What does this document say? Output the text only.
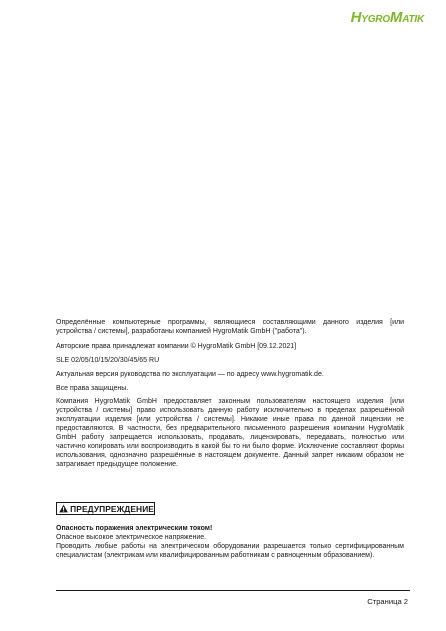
HYGROMATIK

Определённые компьютерные программы, являющиеся составляющими данного изделия [или устройства / системы], разработаны компанией HygroMatik GmbH ("работа").

Авторские права принадлежат компании © HygroMatik GmbH [09.12.2021]

SLE 02/05/10/15/20/30/45/65 RU

Актуальная версия руководства по эксплуатации — по адресу www.hygromatik.de.

Все права защищены.

Компания HygroMatik GmbH предоставляет законным пользователям настоящего изделия [или устройства / системы] право использовать данную работу исключительно в пределах разрешённой эксплуатации изделия [или устройства / системы]. Никакие иные права по данной лицензии не предоставляются. В частности, без предварительного письменного разрешения компании HygroMatik GmbH работу запрещается использовать, продавать, лицензировать, передавать, полностью или частично копировать или воспроизводить в какой бы то ни было форме. Исключение составляют формы использования, однозначно разрешённые в настоящем документе. Данный запрет никаким образом не затрагивает предыдущее положение.

ПРЕДУПРЕЖДЕНИЕ
Опасность поражения электрическим током!
Опасное высокое электрическое напряжение.
Проводить любые работы на электрическом оборудовании разрешается только сертифицированным специалистам (электрикам или квалифицированным работникам с равноценным образованием).
Страница 2
